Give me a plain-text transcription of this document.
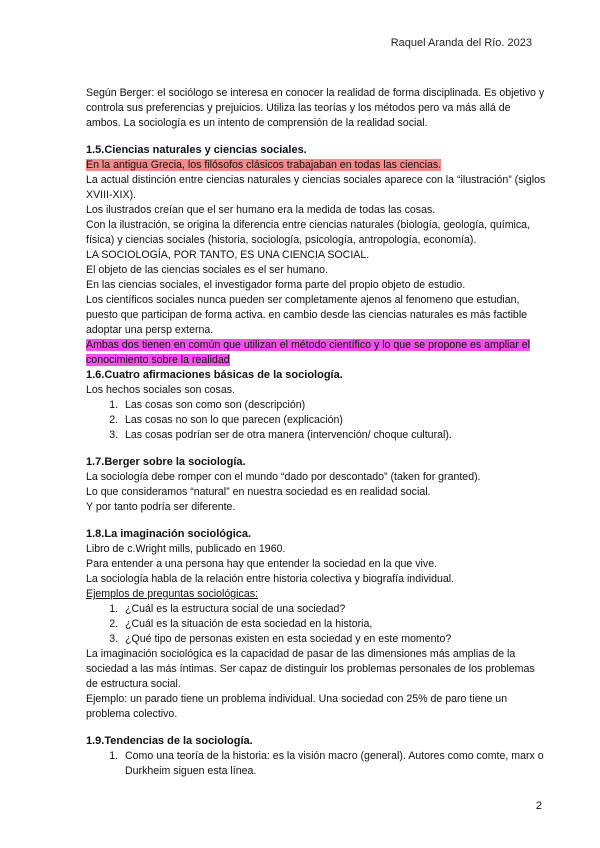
Raquel Aranda del Río. 2023

Según Berger: el sociólogo se interesa en conocer la realidad de forma disciplinada. Es objetivo y controla sus preferencias y prejuicios. Utiliza las teorías y los métodos pero va más allá de ambos. La sociología es un intento de comprensión de la realidad social.

1.5.Ciencias naturales y ciencias sociales.

En la antigua Grecia, los filósofos clásicos trabajaban en todas las ciencias.

La actual distinción entre ciencias naturales y ciencias sociales aparece con la “ilustración” (siglos XVIII-XIX).

Los ilustrados creían que el ser humano era la medida de todas las cosas.

Con la ilustración, se origina la diferencia entre ciencias naturales (biología, geología, química, física) y ciencias sociales (historia, sociología, psicología, antropología, economía).

LA SOCIOLOGÍA, POR TANTO, ES UNA CIENCIA SOCIAL.

El objeto de las ciencias sociales es el ser humano.

En las ciencias sociales, el investigador forma parte del propio objeto de estudio.

Los científicos sociales nunca pueden ser completamente ajenos al fenomeno que estudian, puesto que participan de forma activa. en cambio desde las ciencias naturales es más factible adoptar una persp externa.

Ambas dos tienen en común que utilizan el método científico y lo que se propone es ampliar el conocimiento sobre la realidad

1.6.Cuatro afirmaciones básicas de la sociología.

Los hechos sociales son cosas.

1. Las cosas son como son (descripción)
2. Las cosas no son lo que parecen (explicación)
3. Las cosas podrían ser de otra manera (intervención/ choque cultural).
1.7.Berger sobre la sociología.

La sociología debe romper con el mundo “dado por descontado” (taken for granted).

Lo que consideramos “natural” en nuestra sociedad es en realidad social.

Y por tanto podría ser diferente.

1.8.La imaginación sociológica.

Libro de c.Wright mills, publicado en 1960.

Para entender a una persona hay que entender la sociedad en la que vive.

La sociología habla de la relación entre historia colectiva y biografía individual.

Ejemplos de preguntas sociológicas:

1. ¿Cuál es la estructura social de una sociedad?
2. ¿Cuál es la situación de esta sociedad en la historia,
3. ¿Qué tipo de personas existen en esta sociedad y en este momento?

La imaginación sociológica es la capacidad de pasar de las dimensiones más amplias de la sociedad a las más íntimas. Ser capaz de distinguir los problemas personales de los problemas de estructura social.

Ejemplo: un parado tiene un problema individual. Una sociedad con 25% de paro tiene un problema colectivo.

1.9.Tendencias de la sociología.
1. Como una teoría de la historia: es la visión macro (general). Autores como comte, marx o Durkheim siguen esta línea.
2
